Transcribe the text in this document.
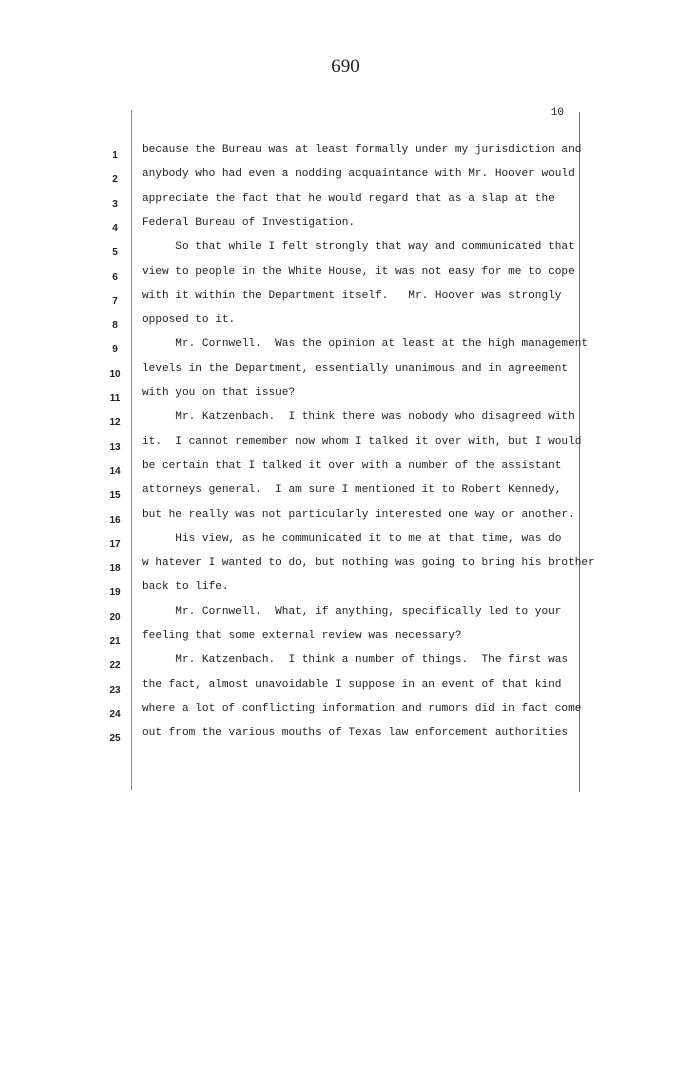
690
10
1	because the Bureau was at least formally under my jurisdiction and
2	anybody who had even a nodding acquaintance with Mr. Hoover would
3	appreciate the fact that he would regard that as a slap at the
4	Federal Bureau of Investigation.
5	So that while I felt strongly that way and communicated that
6	view to people in the White House, it was not easy for me to cope
7	with it within the Department itself.   Mr. Hoover was strongly
8	opposed to it.
9	Mr. Cornwell.  Was the opinion at least at the high management
10	levels in the Department, essentially unanimous and in agreement
11	with you on that issue?
12	Mr. Katzenbach.  I think there was nobody who disagreed with
13	it.  I cannot remember now whom I talked it over with, but I would
14	be certain that I talked it over with a number of the assistant
15	attorneys general.  I am sure I mentioned it to Robert Kennedy,
16	but he really was not particularly interested one way or another.
17	His view, as he communicated it to me at that time, was do
18	w hatever I wanted to do, but nothing was going to bring his brother
19	back to life.
20	Mr. Cornwell.  What, if anything, specifically led to your
21	feeling that some external review was necessary?
22	Mr. Katzenbach.  I think a number of things.  The first was
23	the fact, almost unavoidable I suppose in an event of that kind
24	where a lot of conflicting information and rumors did in fact come
25	out from the various mouths of Texas law enforcement authorities
